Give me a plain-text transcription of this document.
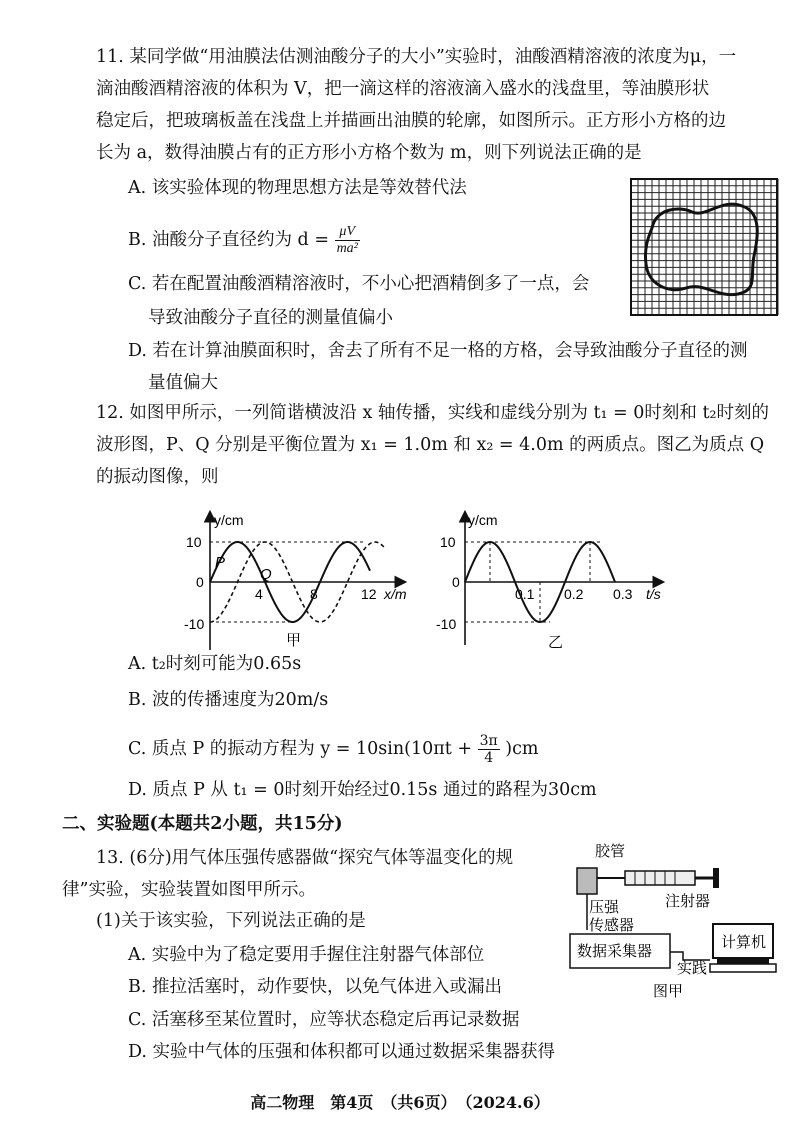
11. 某同学做“用油膜法估测油酸分子的大小”实验时，油酸酒精溶液的浓度为μ，一
滴油酸酒精溶液的体积为 V，把一滴这样的溶液滴入盛水的浅盘里，等油膜形状
稳定后，把玻璃板盖在浅盘上并描画出油膜的轮廓，如图所示。正方形小方格的边
长为 a，数得油膜占有的正方形小方格个数为 m，则下列说法正确的是
A. 该实验体现的物理思想方法是等效替代法
B. 油酸分子直径约为 $d = \frac{\mu V}{\text{ma²}}$
C. 若在配置油酸酒精溶液时，不小心把酒精倒多了一点，会
导致油酸分子直径的测量值偏小
D. 若在计算油膜面积时，舍去了所有不足一格的方格，会导致油酸分子直径的测
量值偏大
12. 如图甲所示，一列简谐横波沿 x 轴传播，实线和虚线分别为 t₁ = 0时刻和 t₂时刻的
波形图，P、Q 分别是平衡位置为 x₁ = 1.0m 和 x₂ = 4.0m 的两质点。图乙为质点 Q
的振动图像，则
y/cm
x/m
10
0
-10
4	8	12
P
Q
甲
y/cm
t/s
10
0
-10
0.1 0.2 0.3
乙
A. t₂时刻可能为0.65s
B. 波的传播速度为20m/s
C. 质点 P 的振动方程为 $y = 10\sin(10\pi t + \frac{3\pi}{4} )cm$
D. 质点 P 从 t₁ = 0时刻开始经过0.15s 通过的路程为30cm
二、实验题(本题共2小题，共15分)
13. (6分)用气体压强传感器做“探究气体等温变化的规
律”实验，实验装置如图甲所示。
(1)关于该实验，下列说法正确的是
A. 实验中为了稳定要用手握住注射器气体部位
B. 推拉活塞时，动作要快，以免气体进入或漏出
C. 活塞移至某位置时，应等状态稳定后再记录数据
D. 实验中气体的压强和体积都可以通过数据采集器获得
胶管
注射器
压强
传感器
数据采集器
实践
计算机
图甲
高二物理　第4页　（共6页）　（2024.6）
